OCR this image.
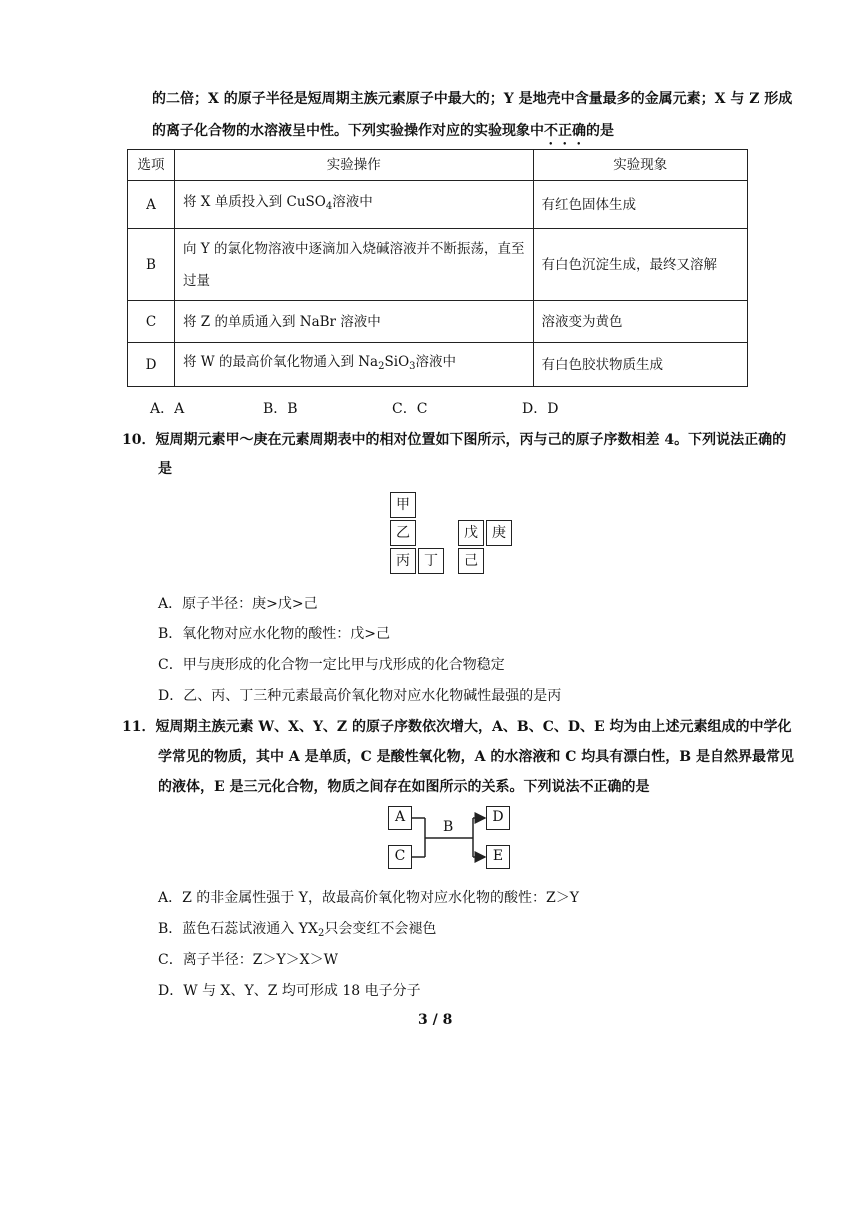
的二倍；X 的原子半径是短周期主族元素原子中最大的；Y 是地壳中含量最多的金属元素；X 与 Z 形成
的离子化合物的水溶液呈中性。下列实验操作对应的实验现象中不正确的是
选项	实验操作	实验现象
A	将 X 单质投入到 CuSO$_4$溶液中	有红色固体生成
B	向 Y 的氯化物溶液中逐滴加入烧碱溶液并不断振荡，直至
过量	有白色沉淀生成，最终又溶解
C	将 Z 的单质通入到 NaBr 溶液中	溶液变为黄色
D	将 W 的最高价氧化物通入到 $Na_2SiO_3$溶液中	有白色胶状物质生成
A．A	B．B	C．C	D．D
10．短周期元素甲～庚在元素周期表中的相对位置如下图所示，丙与己的原子序数相差 4。下列说法正确的
是
甲
乙
丙	丁
戊	庚
己
A．原子半径：庚>戊>己
B．氧化物对应水化物的酸性：戊>己
C．甲与庚形成的化合物一定比甲与戊形成的化合物稳定
D．乙、丙、丁三种元素最高价氧化物对应水化物碱性最强的是丙
11．短周期主族元素 W、X、Y、Z 的原子序数依次增大，A、B、C、D、E 均为由上述元素组成的中学化
学常见的物质，其中 A 是单质，C 是酸性氧化物，A 的水溶液和 C 均具有漂白性，B 是自然界最常见
的液体，E 是三元化合物，物质之间存在如图所示的关系。下列说法不正确的是
A
C
B
D
E
A．Z 的非金属性强于 Y，故最高价氧化物对应水化物的酸性：Z＞Y
B．蓝色石蕊试液通入 $YX_2$只会变红不会褪色
C．离子半径：Z＞Y＞X＞W
D．W 与 X、Y、Z 均可形成 18 电子分子
3 / 8
